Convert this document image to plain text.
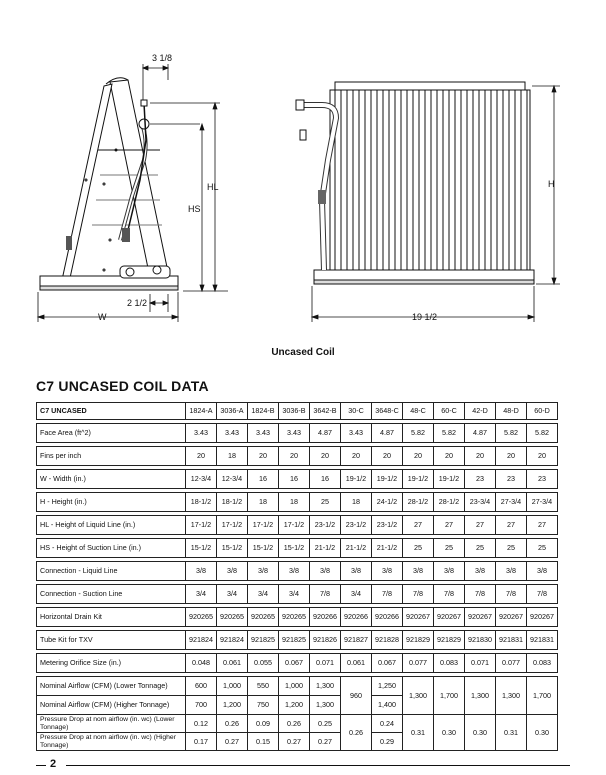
3 1/8
HL
HS
2 1/2
W
H
19 1/2
Uncased Coil
C7 UNCASED COIL DATA
C7 UNCASED	1824-A	3036-A	1824-B	3036-B	3642-B	30-C	3648-C	48-C	60-C	42-D	48-D	60-D

Face Area (ft^2)	3.43	3.43	3.43	3.43	4.87	3.43	4.87	5.82	5.82	4.87	5.82	5.82

Fins per inch	20	18	20	20	20	20	20	20	20	20	20	20

W - Width (in.)	12-3/4	12-3/4	16	16	16	19-1/2	19-1/2	19-1/2	19-1/2	23	23	23

H - Height (in.)	18-1/2	18-1/2	18	18	25	18	24-1/2	28-1/2	28-1/2	23-3/4	27-3/4	27-3/4

HL - Height of Liquid Line (in.)	17-1/2	17-1/2	17-1/2	17-1/2	23-1/2	23-1/2	23-1/2	27	27	27	27	27

HS - Height of Suction Line (in.)	15-1/2	15-1/2	15-1/2	15-1/2	21-1/2	21-1/2	21-1/2	25	25	25	25	25

Connection - Liquid Line	3/8	3/8	3/8	3/8	3/8	3/8	3/8	3/8	3/8	3/8	3/8	3/8

Connection - Suction Line	3/4	3/4	3/4	3/4	7/8	3/4	7/8	7/8	7/8	7/8	7/8	7/8

Horizontal Drain Kit	920265	920265	920265	920265	920266	920266	920266	920267	920267	920267	920267	920267

Tube Kit for TXV	921824	921824	921825	921825	921826	921827	921828	921829	921829	921830	921831	921831

Metering Orifice Size (in.)	0.048	0.061	0.055	0.067	0.071	0.061	0.067	0.077	0.083	0.071	0.077	0.083

Nominal Airflow (CFM) (Lower Tonnage)	600	1,000	550	1,000	1,300	960	1,250	1,300	1,700	1,300	1,300	1,700
Nominal Airflow (CFM) (Higher Tonnage)	700	1,200	750	1,200	1,300		1,400					
Pressure Drop at nom airflow (in. wc) (Lower Tonnage)	0.12	0.26	0.09	0.26	0.25	0.26	0.24	0.31	0.30	0.30	0.31	0.30
Pressure Drop at nom airflow (in. wc) (Higher Tonnage)	0.17	0.27	0.15	0.27	0.27		0.29					
2
